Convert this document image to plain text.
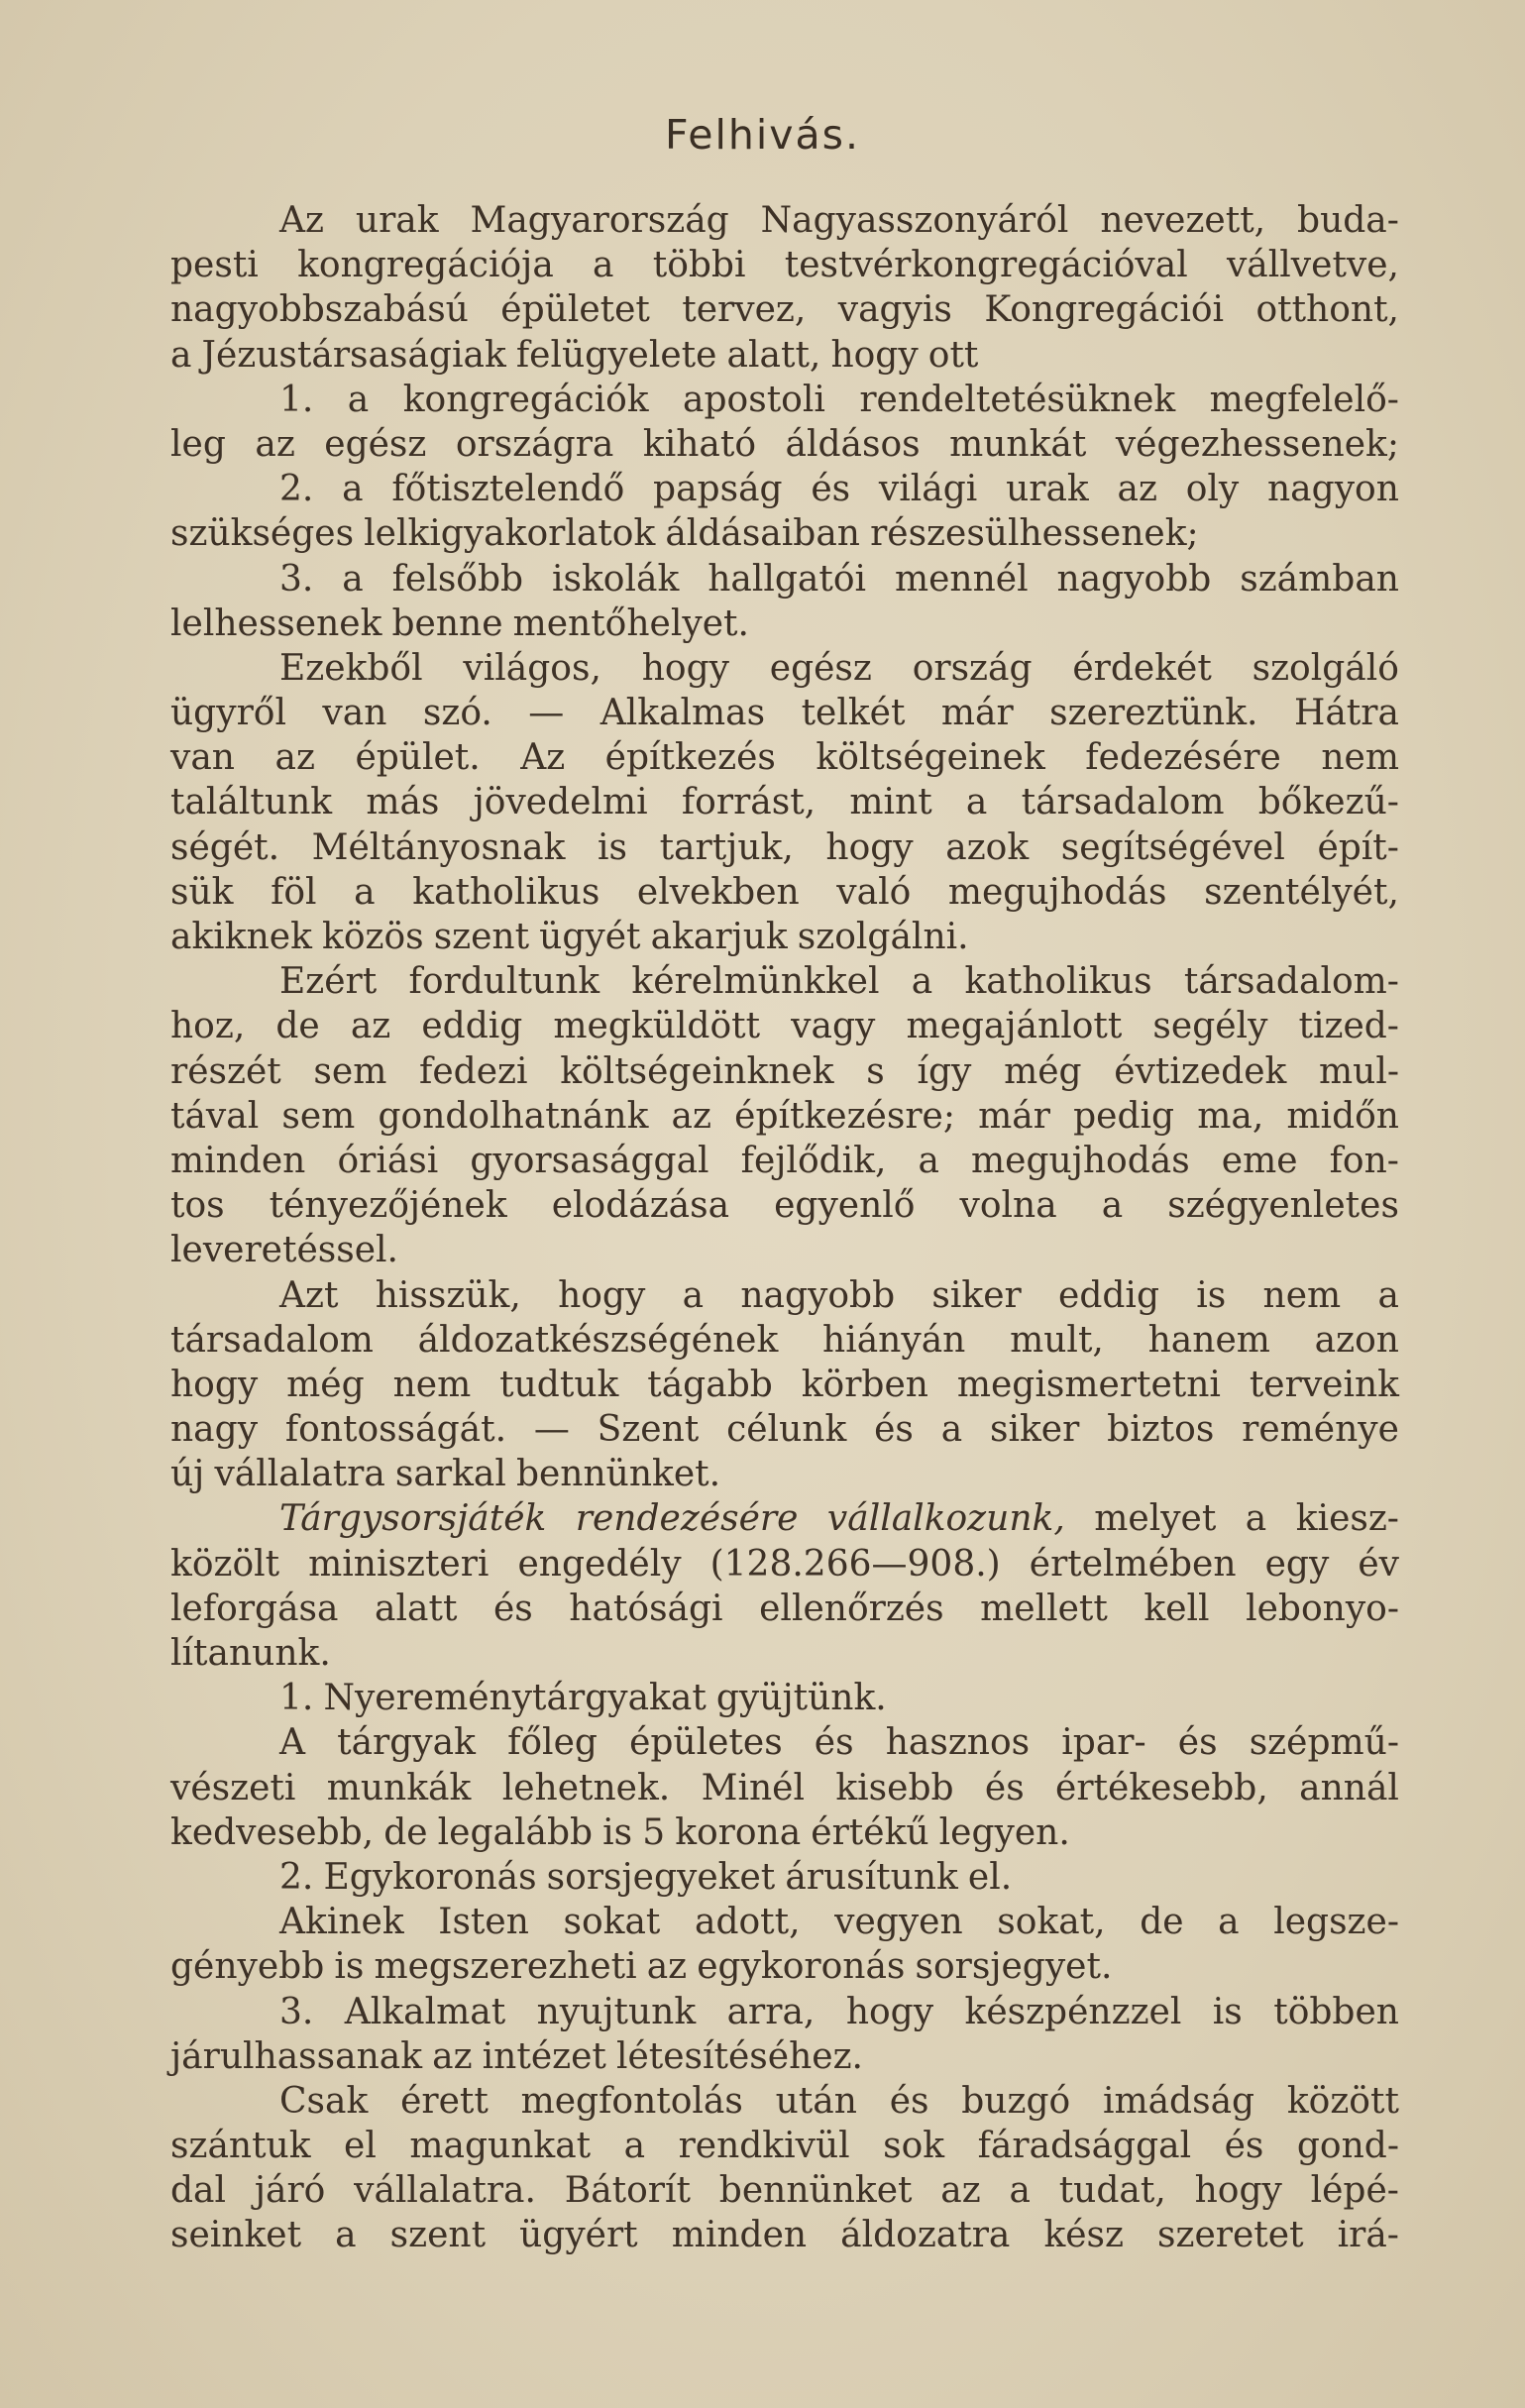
Felhivás.
Az urak Magyarország Nagyasszonyáról nevezett, buda-
pesti kongregációja a többi testvérkongregációval vállvetve,
nagyobbszabású épületet tervez, vagyis Kongregációi otthont,
a Jézustársaságiak felügyelete alatt, hogy ott
1. a kongregációk apostoli rendeltetésüknek megfelelő-
leg az egész országra kiható áldásos munkát végezhessenek;
2. a főtisztelendő papság és világi urak az oly nagyon
szükséges lelkigyakorlatok áldásaiban részesülhessenek;
3. a felsőbb iskolák hallgatói mennél nagyobb számban
lelhessenek benne mentőhelyet.
Ezekből világos, hogy egész ország érdekét szolgáló
ügyről van szó. — Alkalmas telkét már szereztünk. Hátra
van az épület. Az építkezés költségeinek fedezésére nem
találtunk más jövedelmi forrást, mint a társadalom bőkezű-
ségét. Méltányosnak is tartjuk, hogy azok segítségével épít-
sük föl a katholikus elvekben való megujhodás szentélyét,
akiknek közös szent ügyét akarjuk szolgálni.
Ezért fordultunk kérelmünkkel a katholikus társadalom-
hoz, de az eddig megküldött vagy megajánlott segély tized-
részét sem fedezi költségeinknek s így még évtizedek mul-
tával sem gondolhatnánk az építkezésre; már pedig ma, midőn
minden óriási gyorsasággal fejlődik, a megujhodás eme fon-
tos tényezőjének elodázása egyenlő volna a szégyenletes
leveretéssel.
Azt hisszük, hogy a nagyobb siker eddig is nem a
társadalom áldozatkészségének hiányán mult, hanem azon
hogy még nem tudtuk tágabb körben megismertetni terveink
nagy fontosságát. — Szent célunk és a siker biztos reménye
új vállalatra sarkal bennünket.
Tárgysorsjáték rendezésére vállalkozunk, melyet a kiesz-
közölt miniszteri engedély (128.266—908.) értelmében egy év
leforgása alatt és hatósági ellenőrzés mellett kell lebonyo-
lítanunk.
1. Nyereménytárgyakat gyüjtünk.
A tárgyak főleg épületes és hasznos ipar- és szépmű-
vészeti munkák lehetnek. Minél kisebb és értékesebb, annál
kedvesebb, de legalább is 5 korona értékű legyen.
2. Egykoronás sorsjegyeket árusítunk el.
Akinek Isten sokat adott, vegyen sokat, de a legsze-
gényebb is megszerezheti az egykoronás sorsjegyet.
3. Alkalmat nyujtunk arra, hogy készpénzzel is többen
járulhassanak az intézet létesítéséhez.
Csak érett megfontolás után és buzgó imádság között
szántuk el magunkat a rendkivül sok fáradsággal és gond-
dal járó vállalatra. Bátorít bennünket az a tudat, hogy lépé-
seinket a szent ügyért minden áldozatra kész szeretet irá-
